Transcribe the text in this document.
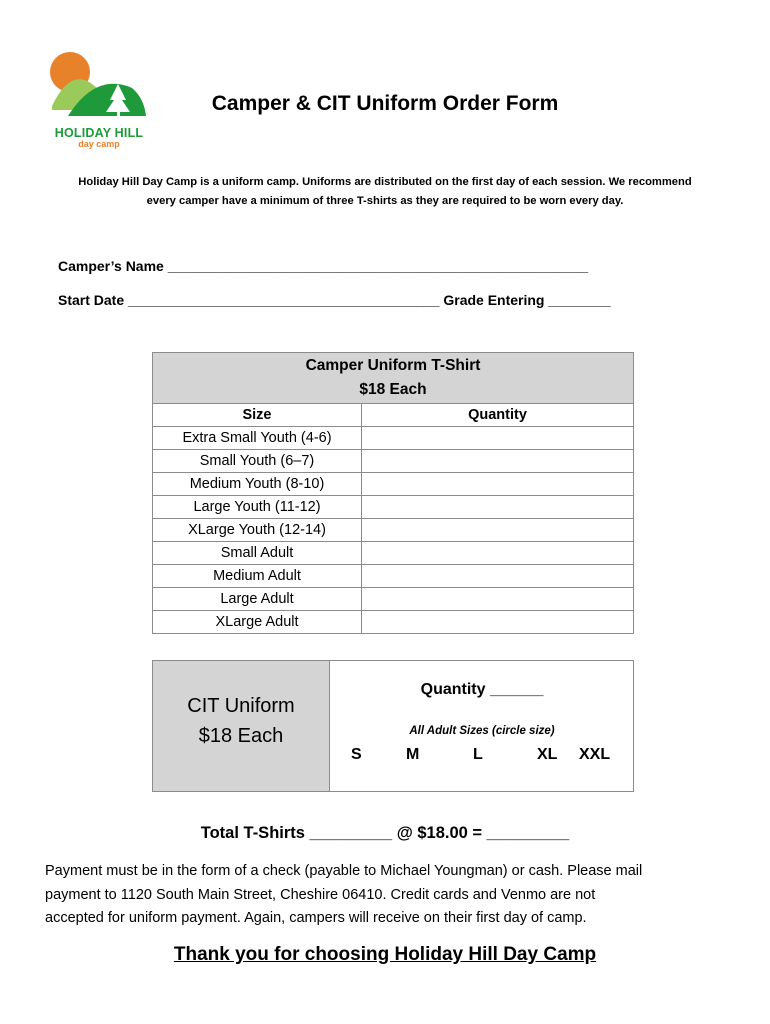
HOLIDAY HILL
day camp
Camper & CIT Uniform Order Form
Holiday Hill Day Camp is a uniform camp. Uniforms are distributed on the first day of each session. We recommend
every camper have a minimum of three T-shirts as they are required to be worn every day.
Camper’s Name ______________________________________________________
Start Date ________________________________________ Grade Entering ________
Camper Uniform T-Shirt
$18 Each	

Size	Quantity
Extra Small Youth (4-6)	
Small Youth (6–7)	
Medium Youth (8-10)	
Large Youth (11-12)	
XLarge Youth (12-14)	
Small Adult	
Medium Adult	
Large Adult	
XLarge Adult	
CIT Uniform
$18 Each
Quantity ______
All Adult Sizes (circle size)
S	M	L	XL XXL
Total T-Shirts _________ @ $18.00 = _________
Payment must be in the form of a check (payable to Michael Youngman) or cash. Please mail
payment to 1120 South Main Street, Cheshire 06410. Credit cards and Venmo are not
accepted for uniform payment. Again, campers will receive on their first day of camp.
Thank you for choosing Holiday Hill Day Camp
